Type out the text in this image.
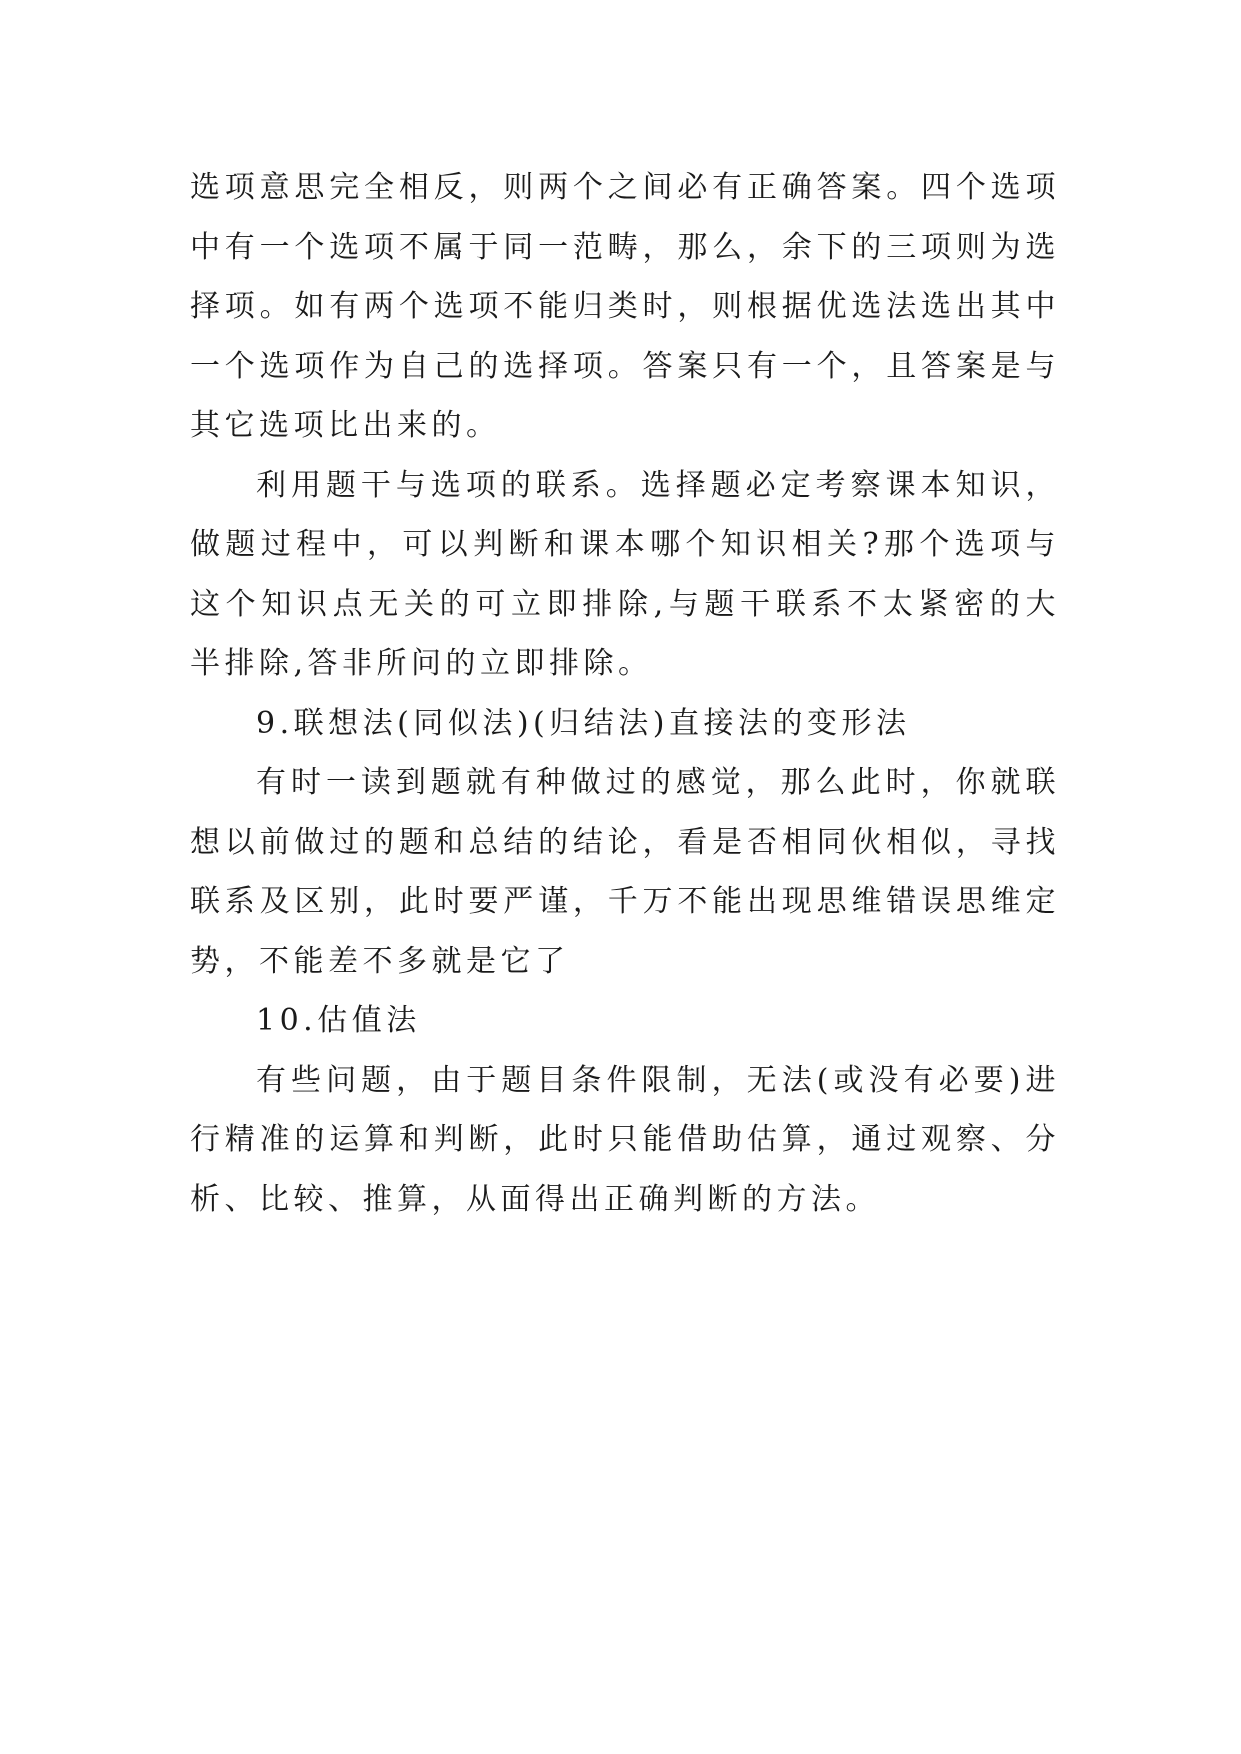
选项意思完全相反，则两个之间必有正确答案。四个选项中有一个选项不属于同一范畴，那么，余下的三项则为选择项。如有两个选项不能归类时，则根据优选法选出其中一个选项作为自己的选择项。答案只有一个，且答案是与其它选项比出来的。

利用题干与选项的联系。选择题必定考察课本知识，做题过程中，可以判断和课本哪个知识相关?那个选项与这个知识点无关的可立即排除,与题干联系不太紧密的大半排除,答非所问的立即排除。

9.联想法(同似法)(归结法)直接法的变形法

有时一读到题就有种做过的感觉，那么此时，你就联想以前做过的题和总结的结论，看是否相同伙相似，寻找联系及区别，此时要严谨，千万不能出现思维错误思维定势，不能差不多就是它了

10.估值法

有些问题，由于题目条件限制，无法(或没有必要)进行精准的运算和判断，此时只能借助估算，通过观察、分析、比较、推算，从面得出正确判断的方法。
